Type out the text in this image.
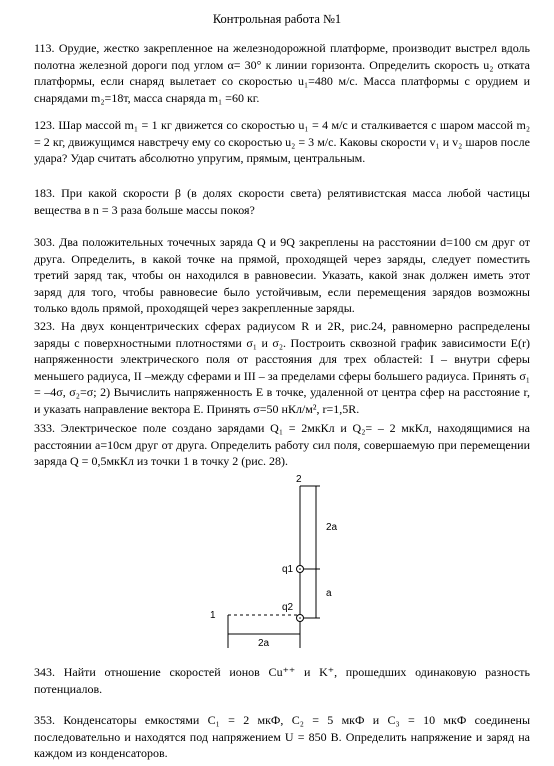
Контрольная работа №1

113. Орудие, жестко закрепленное на железнодорожной платформе, производит выстрел вдоль полотна железной дороги под углом α= 30° к линии горизонта. Определить скорость u₂ отката платформы, если снаряд вылетает со скоростью u₁=480 м/с. Масса платформы с орудием и снарядами m₂=18т, масса снаряда m₁ =60 кг.

123. Шар массой m₁ = 1 кг движется со скоростью u₁ = 4 м/с и сталкивается с шаром массой m₂ = 2 кг, движущимся навстречу ему со скоростью u₂ = 3 м/с. Каковы скорости v₁ и v₂ шаров после удара? Удар считать абсолютно упругим, прямым, центральным.

183. При какой скорости β (в долях скорости света) релятивистская масса любой частицы вещества в n = 3 раза больше массы покоя?

303. Два положительных точечных заряда Q и 9Q закреплены на расстоянии d=100 см друг от друга. Определить, в какой точке на прямой, проходящей через заряды, следует поместить третий заряд так, чтобы он находился в равновесии. Указать, какой знак должен иметь этот заряд для того, чтобы равновесие было устойчивым, если перемещения зарядов возможны только вдоль прямой, проходящей через закрепленные заряды.

323. На двух концентрических сферах радиусом R и 2R, рис.24, равномерно распределены заряды с поверхностными плотностями σ₁ и σ₂. Построить сквозной график зависимости E(r) напряженности электрического поля от расстояния для трех областей: I – внутри сферы меньшего радиуса, II –между сферами и III – за пределами сферы большего радиуса. Принять σ₁ = –4σ, σ₂=σ; 2) Вычислить напряженность E в точке, удаленной от центра сфер на расстояние r, и указать направление вектора E. Принять σ=50 нКл/м², r=1,5R.

333. Электрическое поле создано зарядами Q₁ = 2мкКл и Q₂= – 2 мкКл, находящимися на расстоянии a=10см друг от друга. Определить работу сил поля, совершаемую при перемещении заряда Q = 0,5мкКл из точки 1 в точку 2 (рис. 28).

2
1
q1
q2
2a
a
2a

343. Найти отношение скоростей ионов Cu⁺⁺ и K⁺, прошедших одинаковую разность потенциалов.

353. Конденсаторы емкостями C₁ = 2 мкФ, C₂ = 5 мкФ и C₃ = 10 мкФ соединены последовательно и находятся под напряжением U = 850 В. Определить напряжение и заряд на каждом из конденсаторов.
